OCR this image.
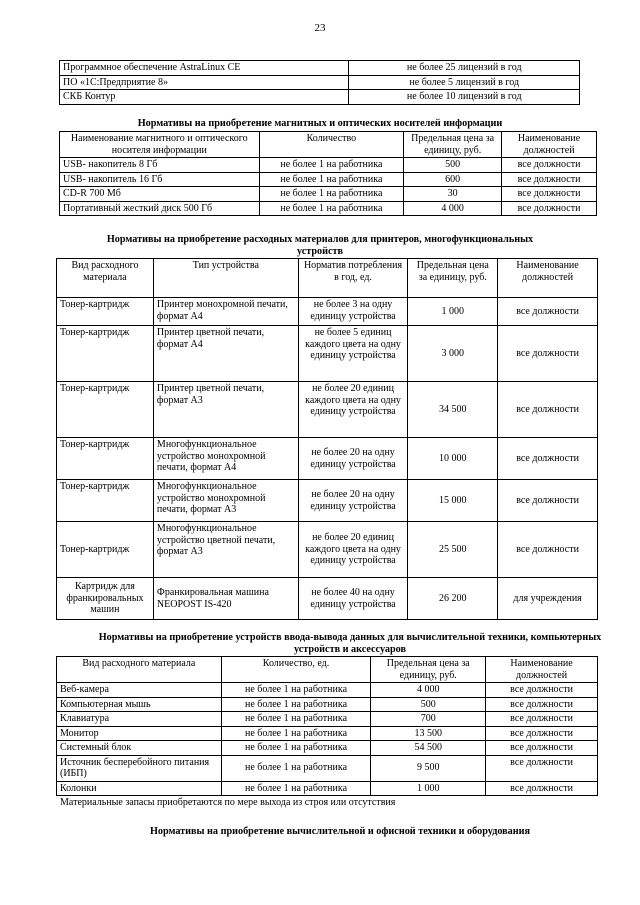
23
Программное обеспечение AstraLinux CE	не более 25 лицензий в год
ПО «1С:Предприятие 8»	не более 5 лицензий в год
СКБ Контур	не более 10 лицензий в год
Нормативы на приобретение магнитных и оптических носителей информации
Наименование магнитного и оптического носителя информации	Количество	Предельная цена за единицу, руб.	Наименование должностей
USB- накопитель 8 Гб	не более 1 на работника	500	все должности
USB- накопитель 16 Гб	не более 1 на работника	600	все должности
CD-R 700 Мб	не более 1 на работника	30	все должности
Портативный жесткий диск 500 Гб	не более 1 на работника	4 000	все должности
Нормативы на приобретение расходных материалов для принтеров, многофункциональных устройств
Вид расходного материала	Тип устройства	Норматив потребления в год, ед.	Предельная цена за единицу, руб.	Наименование должностей
Тонер-картридж	Принтер монохромной печати, формат А4	не более 3 на одну единицу устройства	1 000	все должности
Тонер-картридж	Принтер цветной печати, формат А4	не более 5 единиц каждого цвета на одну единицу устройства	3 000	все должности
Тонер-картридж	Принтер цветной печати, формат А3	не более 20 единиц каждого цвета на одну единицу устройства	34 500	все должности
Тонер-картридж	Многофункциональное устройство монохромной печати, формат А4	не более 20 на одну единицу устройства	10 000	все должности
Тонер-картридж	Многофункциональное устройство монохромной печати, формат А3	не более 20 на одну единицу устройства	15 000	все должности
Тонер-картридж	Многофункциональное устройство цветной печати, формат А3	не более 20 единиц каждого цвета на одну единицу устройства	25 500	все должности
Картридж для франкировальных машин	Франкировальная машина NEOPOST IS-420	не более 40 на одну единицу устройства	26 200	для учреждения
Нормативы на приобретение устройств ввода-вывода данных для вычислительной техники, компьютерных устройств и аксессуаров
Вид расходного материала	Количество, ед.	Предельная цена за единицу, руб.	Наименование должностей
Веб-камера	не более 1 на работника	4 000	все должности
Компьютерная мышь	не более 1 на работника	500	все должности
Клавиатура	не более 1 на работника	700	все должности
Монитор	не более 1 на работника	13 500	все должности
Системный блок	не более 1 на работника	54 500	все должности
Источник бесперебойного питания (ИБП)	не более 1 на работника	9 500	все должности
Колонки	не более 1 на работника	1 000	все должности
Материальные запасы приобретаются по мере выхода из строя или отсутствия
Нормативы на приобретение вычислительной и офисной техники и оборудования
